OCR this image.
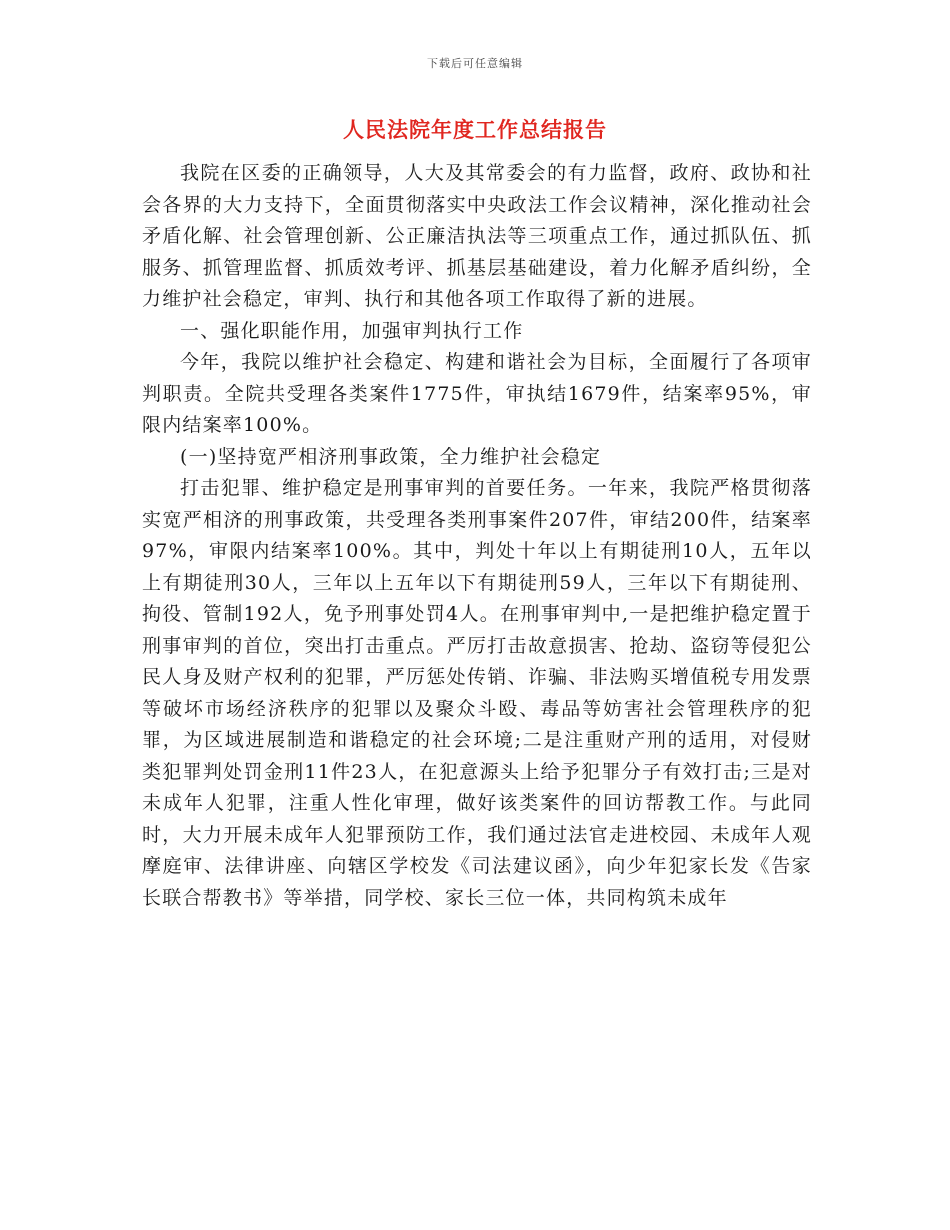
下载后可任意编辑
人民法院年度工作总结报告

我院在区委的正确领导，人大及其常委会的有力监督，政府、政协和社会各界的大力支持下，全面贯彻落实中央政法工作会议精神，深化推动社会矛盾化解、社会管理创新、公正廉洁执法等三项重点工作，通过抓队伍、抓服务、抓管理监督、抓质效考评、抓基层基础建设，着力化解矛盾纠纷，全力维护社会稳定，审判、执行和其他各项工作取得了新的进展。

一、强化职能作用，加强审判执行工作

今年，我院以维护社会稳定、构建和谐社会为目标，全面履行了各项审判职责。全院共受理各类案件1775件，审执结1679件，结案率95%，审限内结案率100%。

(一)坚持宽严相济刑事政策，全力维护社会稳定

打击犯罪、维护稳定是刑事审判的首要任务。一年来，我院严格贯彻落实宽严相济的刑事政策，共受理各类刑事案件207件，审结200件，结案率97%，审限内结案率100%。其中，判处十年以上有期徒刑10人，五年以上有期徒刑30人，三年以上五年以下有期徒刑59人，三年以下有期徒刑、拘役、管制192人，免予刑事处罚4人。在刑事审判中,一是把维护稳定置于刑事审判的首位，突出打击重点。严厉打击故意损害、抢劫、盗窃等侵犯公民人身及财产权利的犯罪，严厉惩处传销、诈骗、非法购买增值税专用发票等破坏市场经济秩序的犯罪以及聚众斗殴、毒品等妨害社会管理秩序的犯罪，为区域进展制造和谐稳定的社会环境;二是注重财产刑的适用，对侵财类犯罪判处罚金刑11件23人，在犯意源头上给予犯罪分子有效打击;三是对未成年人犯罪，注重人性化审理，做好该类案件的回访帮教工作。与此同时，大力开展未成年人犯罪预防工作，我们通过法官走进校园、未成年人观摩庭审、法律讲座、向辖区学校发《司法建议函》，向少年犯家长发《告家长联合帮教书》等举措，同学校、家长三位一体，共同构筑未成年
